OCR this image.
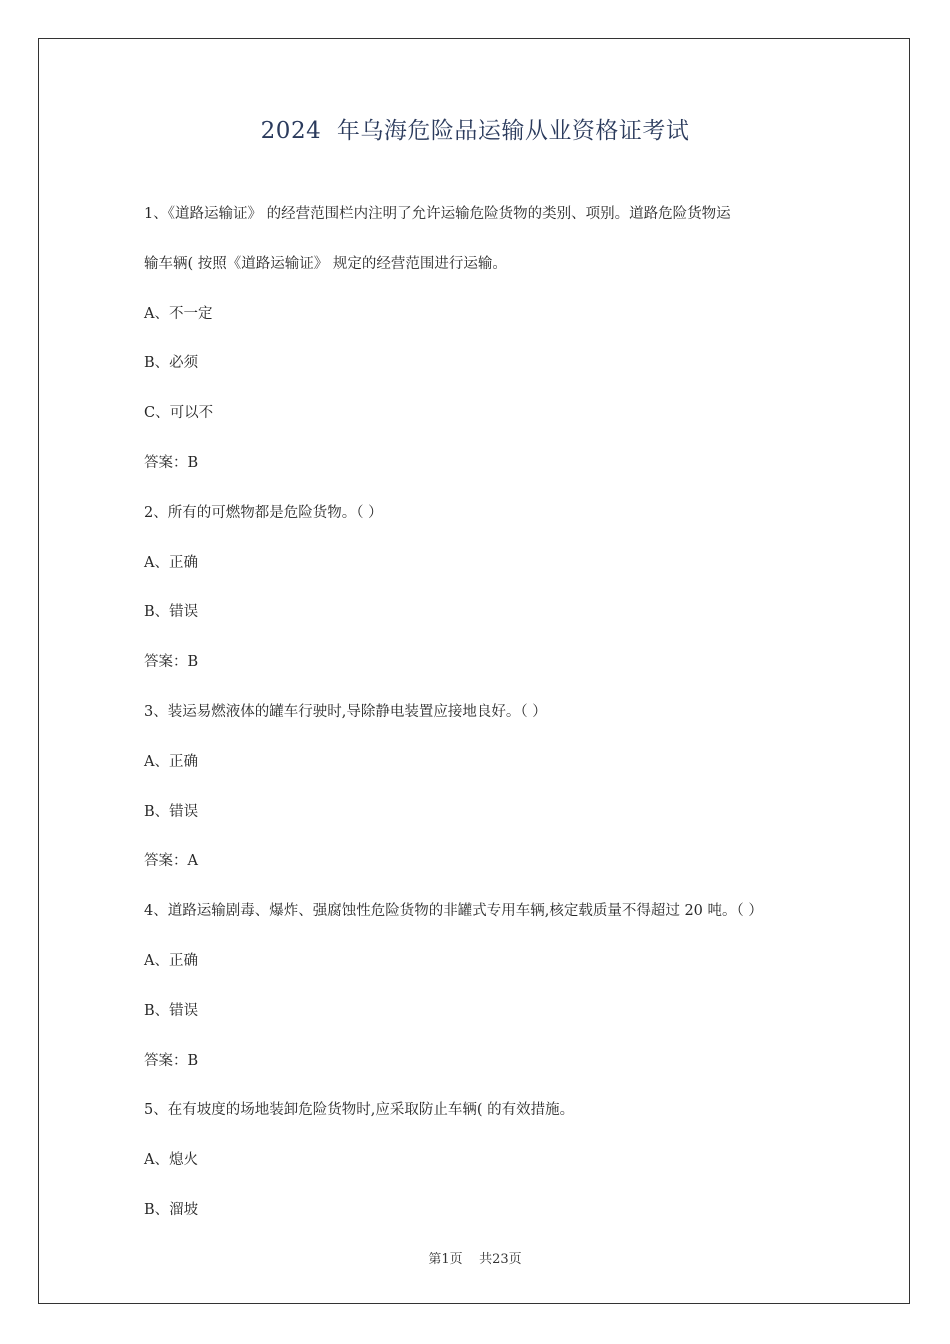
2024  年乌海危险品运输从业资格证考试
1、《道路运输证》 的经营范围栏内注明了允许运输危险货物的类别、项别。道路危险货物运
输车辆( 按照《道路运输证》 规定的经营范围进行运输。
A、不一定
B、必须
C、可以不
答案：B
2、所有的可燃物都是危险货物。（ ）
A、正确
B、错误
答案：B
3、装运易燃液体的罐车行驶时,导除静电装置应接地良好。（ ）
A、正确
B、错误
答案：A
4、道路运输剧毒、爆炸、强腐蚀性危险货物的非罐式专用车辆,核定载质量不得超过 20 吨。（ ）
A、正确
B、错误
答案：B
5、在有坡度的场地装卸危险货物时,应采取防止车辆( 的有效措施。
A、熄火
B、溜坡
第1页    共23页
